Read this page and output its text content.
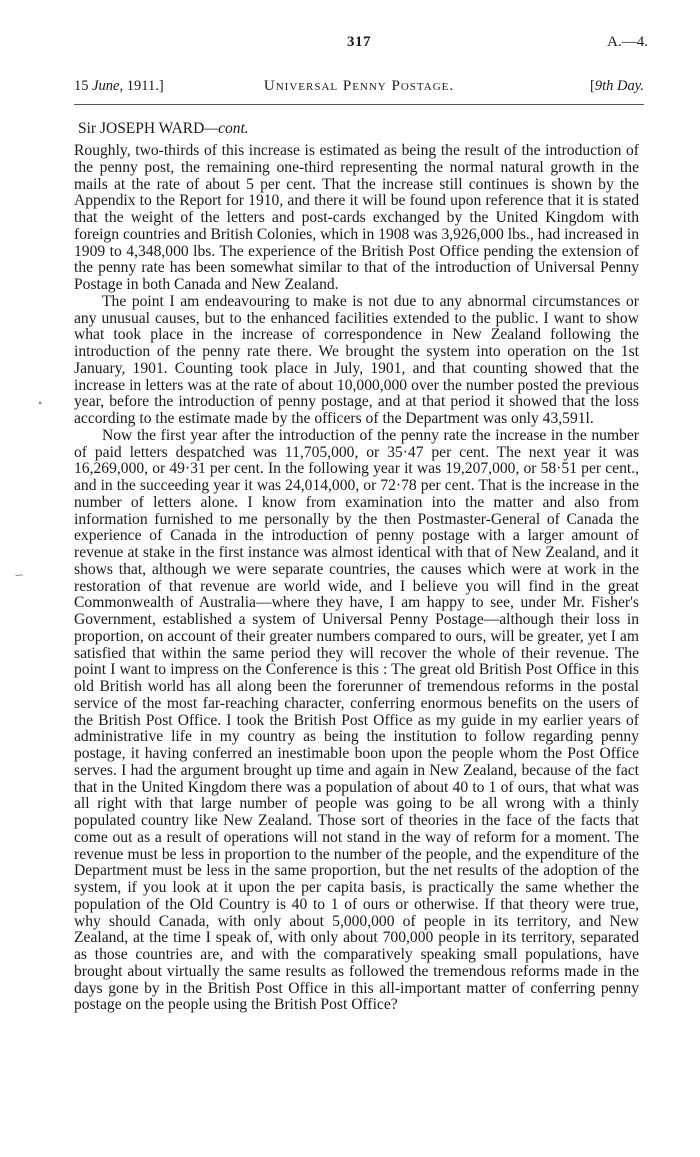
317	A.—4.
15 June, 1911.]	Universal Penny Postage.	[9th Day.
Sir JOSEPH WARD—cont.

Roughly, two-thirds of this increase is estimated as being the result of the introduction of the penny post, the remaining one-third representing the normal natural growth in the mails at the rate of about 5 per cent. That the increase still continues is shown by the Appendix to the Report for 1910, and there it will be found upon reference that it is stated that the weight of the letters and post-cards exchanged by the United Kingdom with foreign countries and British Colonies, which in 1908 was 3,926,000 lbs., had increased in 1909 to 4,348,000 lbs. The experience of the British Post Office pending the extension of the penny rate has been somewhat similar to that of the introduction of Universal Penny Postage in both Canada and New Zealand.

The point I am endeavouring to make is not due to any abnormal circumstances or any unusual causes, but to the enhanced facilities extended to the public. I want to show what took place in the increase of correspondence in New Zealand following the introduction of the penny rate there. We brought the system into operation on the 1st January, 1901. Counting took place in July, 1901, and that counting showed that the increase in letters was at the rate of about 10,000,000 over the number posted the previous year, before the introduction of penny postage, and at that period it showed that the loss according to the estimate made by the officers of the Department was only 43,591l.

Now the first year after the introduction of the penny rate the increase in the number of paid letters despatched was 11,705,000, or 35·47 per cent. The next year it was 16,269,000, or 49·31 per cent. In the following year it was 19,207,000, or 58·51 per cent., and in the succeeding year it was 24,014,000, or 72·78 per cent. That is the increase in the number of letters alone. I know from examination into the matter and also from information furnished to me personally by the then Postmaster-General of Canada the experience of Canada in the introduction of penny postage with a larger amount of revenue at stake in the first instance was almost identical with that of New Zealand, and it shows that, although we were separate countries, the causes which were at work in the restoration of that revenue are world wide, and I believe you will find in the great Commonwealth of Australia—where they have, I am happy to see, under Mr. Fisher's Government, established a system of Universal Penny Postage—although their loss in proportion, on account of their greater numbers compared to ours, will be greater, yet I am satisfied that within the same period they will recover the whole of their revenue. The point I want to impress on the Conference is this : The great old British Post Office in this old British world has all along been the forerunner of tremendous reforms in the postal service of the most far-reaching character, conferring enormous benefits on the users of the British Post Office. I took the British Post Office as my guide in my earlier years of administrative life in my country as being the institution to follow regarding penny postage, it having conferred an inestimable boon upon the people whom the Post Office serves. I had the argument brought up time and again in New Zealand, because of the fact that in the United Kingdom there was a population of about 40 to 1 of ours, that what was all right with that large number of people was going to be all wrong with a thinly populated country like New Zealand. Those sort of theories in the face of the facts that come out as a result of operations will not stand in the way of reform for a moment. The revenue must be less in proportion to the number of the people, and the expenditure of the Department must be less in the same proportion, but the net results of the adoption of the system, if you look at it upon the per capita basis, is practically the same whether the population of the Old Country is 40 to 1 of ours or otherwise. If that theory were true, why should Canada, with only about 5,000,000 of people in its territory, and New Zealand, at the time I speak of, with only about 700,000 people in its territory, separated as those countries are, and with the comparatively speaking small populations, have brought about virtually the same results as followed the tremendous reforms made in the days gone by in the British Post Office in this all-important matter of conferring penny postage on the people using the British Post Office?

•
∽
